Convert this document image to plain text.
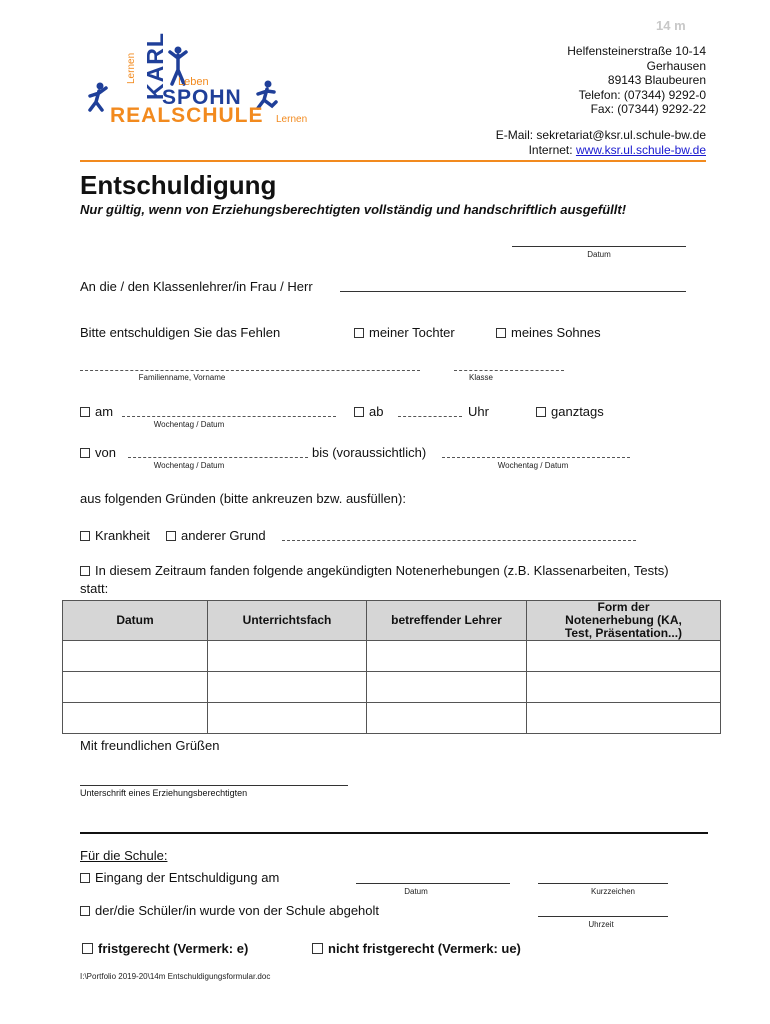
14 m
Lernen KARL Leben
SPOHN
REALSCHULE Lernen
Helfensteinerstraße 10-14
Gerhausen
89143 Blaubeuren
Telefon: (07344) 9292-0
Fax: (07344) 9292-22
E-Mail: sekretariat@ksr.ul.schule-bw.de
Internet: www.ksr.ul.schule-bw.de
Entschuldigung
Nur gültig, wenn von Erziehungsberechtigten vollständig und handschriftlich ausgefüllt!
Datum
An die / den Klassenlehrer/in Frau / Herr
Bitte entschuldigen Sie das Fehlen	meiner Tochter	meines Sohnes
Familienname, Vorname	Klasse
am
Wochentag / Datum
ab	Uhr	ganztags
von	bis (voraussichtlich)
Wochentag / Datum	Wochentag / Datum
aus folgenden Gründen (bitte ankreuzen bzw. ausfüllen):
Krankheit	anderer Grund
In diesem Zeitraum fanden folgende angekündigten Notenerhebungen (z.B. Klassenarbeiten, Tests) statt:
Datum	Unterrichtsfach	betreffender Lehrer	Form der Notenerhebung (KA, Test, Präsentation...)

Mit freundlichen Grüßen
Unterschrift eines Erziehungsberechtigten
Für die Schule:
Eingang der Entschuldigung am
Datum	Kurzzeichen
der/die Schüler/in wurde von der Schule abgeholt
Uhrzeit
fristgerecht (Vermerk: e)	nicht fristgerecht (Vermerk: ue)
I:\Portfolio 2019-20\14m Entschuldigungsformular.doc
